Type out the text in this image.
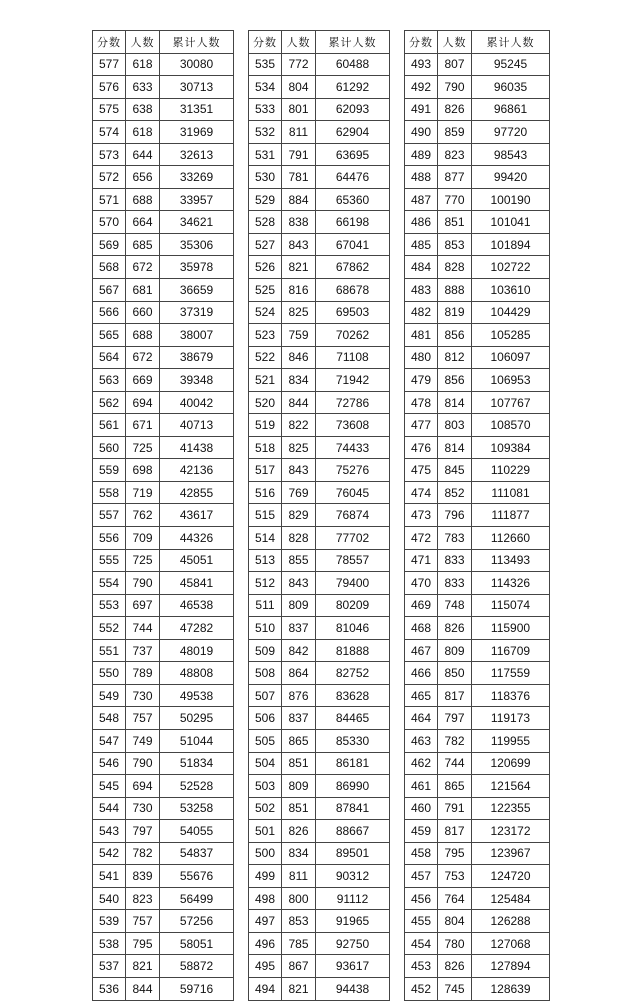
分数	人数	累计人数
577	618	30080
576	633	30713
575	638	31351
574	618	31969
573	644	32613
572	656	33269
571	688	33957
570	664	34621
569	685	35306
568	672	35978
567	681	36659
566	660	37319
565	688	38007
564	672	38679
563	669	39348
562	694	40042
561	671	40713
560	725	41438
559	698	42136
558	719	42855
557	762	43617
556	709	44326
555	725	45051
554	790	45841
553	697	46538
552	744	47282
551	737	48019
550	789	48808
549	730	49538
548	757	50295
547	749	51044
546	790	51834
545	694	52528
544	730	53258
543	797	54055
542	782	54837
541	839	55676
540	823	56499
539	757	57256
538	795	58051
537	821	58872
536	844	59716
分数	人数	累计人数
535	772	60488
534	804	61292
533	801	62093
532	811	62904
531	791	63695
530	781	64476
529	884	65360
528	838	66198
527	843	67041
526	821	67862
525	816	68678
524	825	69503
523	759	70262
522	846	71108
521	834	71942
520	844	72786
519	822	73608
518	825	74433
517	843	75276
516	769	76045
515	829	76874
514	828	77702
513	855	78557
512	843	79400
511	809	80209
510	837	81046
509	842	81888
508	864	82752
507	876	83628
506	837	84465
505	865	85330
504	851	86181
503	809	86990
502	851	87841
501	826	88667
500	834	89501
499	811	90312
498	800	91112
497	853	91965
496	785	92750
495	867	93617
494	821	94438
分数	人数	累计人数
493	807	95245
492	790	96035
491	826	96861
490	859	97720
489	823	98543
488	877	99420
487	770	100190
486	851	101041
485	853	101894
484	828	102722
483	888	103610
482	819	104429
481	856	105285
480	812	106097
479	856	106953
478	814	107767
477	803	108570
476	814	109384
475	845	110229
474	852	111081
473	796	111877
472	783	112660
471	833	113493
470	833	114326
469	748	115074
468	826	115900
467	809	116709
466	850	117559
465	817	118376
464	797	119173
463	782	119955
462	744	120699
461	865	121564
460	791	122355
459	817	123172
458	795	123967
457	753	124720
456	764	125484
455	804	126288
454	780	127068
453	826	127894
452	745	128639
